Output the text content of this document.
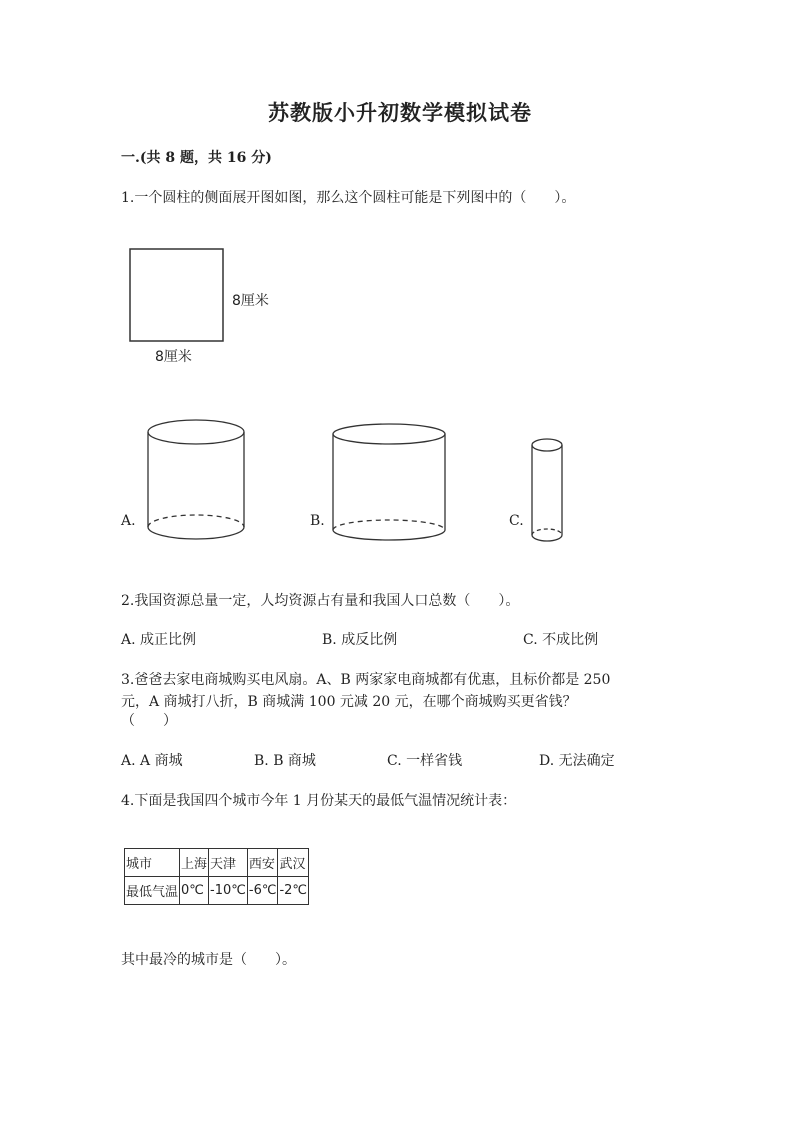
苏教版小升初数学模拟试卷
一.(共 8 题，共 16 分)
1.一个圆柱的侧面展开图如图，那么这个圆柱可能是下列图中的（　　）。
8厘米
8厘米
A.	B.	C.
2.我国资源总量一定，人均资源占有量和我国人口总数（　　）。
A. 成正比例	B. 成反比例	C. 不成比例
3.爸爸去家电商城购买电风扇。A、B 两家家电商城都有优惠，且标价都是 250
元，A 商城打八折，B 商城满 100 元减 20 元，在哪个商城购买更省钱？
（　　）
A. A 商城	B. B 商城	C. 一样省钱	D. 无法确定
4.下面是我国四个城市今年 1 月份某天的最低气温情况统计表：
城市	上海	天津	西安	武汉
最低气温	0℃	-10℃	-6℃	-2℃
其中最冷的城市是（　　）。
